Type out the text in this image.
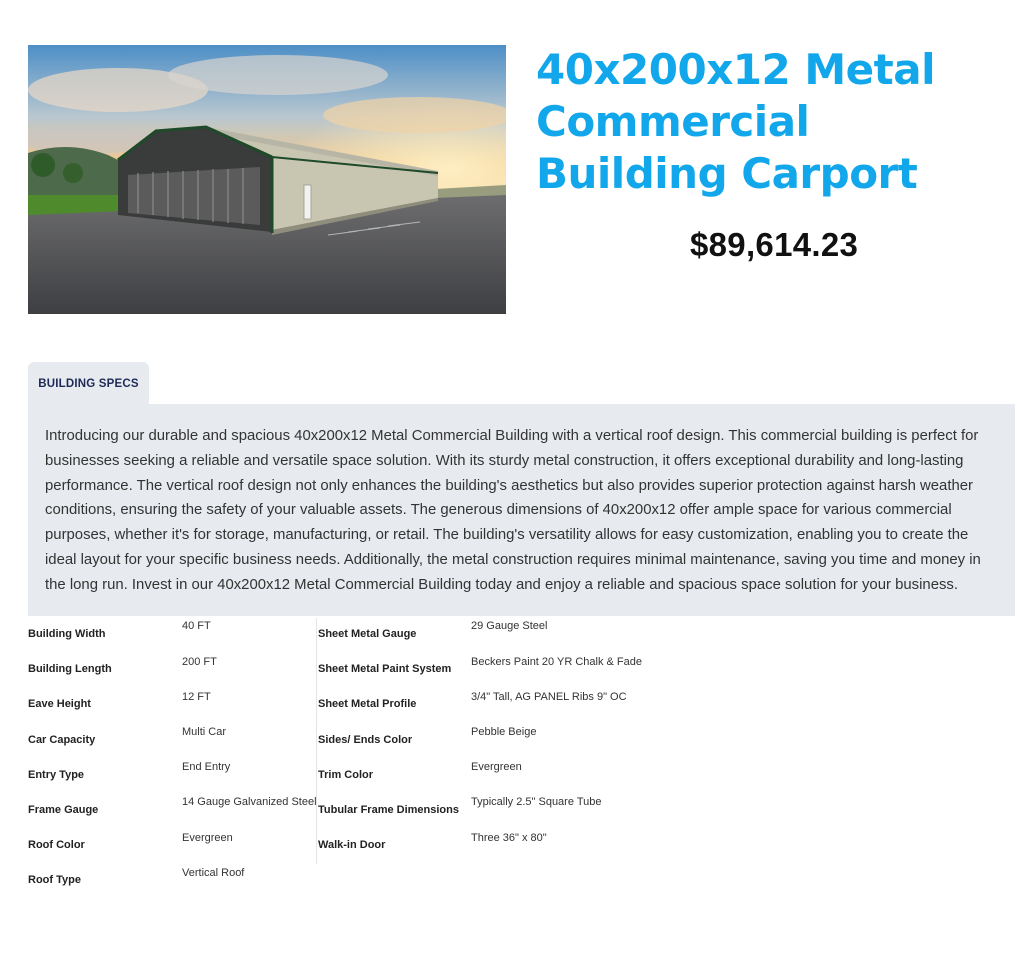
40x200x12 Metal Commercial Building Carport
$89,614.23
BUILDING SPECS

Introducing our durable and spacious 40x200x12 Metal Commercial Building with a vertical roof design. This commercial building is perfect for businesses seeking a reliable and versatile space solution. With its sturdy metal construction, it offers exceptional durability and long-lasting performance. The vertical roof design not only enhances the building's aesthetics but also provides superior protection against harsh weather conditions, ensuring the safety of your valuable assets. The generous dimensions of 40x200x12 offer ample space for various commercial purposes, whether it's for storage, manufacturing, or retail. The building's versatility allows for easy customization, enabling you to create the ideal layout for your specific business needs. Additionally, the metal construction requires minimal maintenance, saving you time and money in the long run. Invest in our 40x200x12 Metal Commercial Building today and enjoy a reliable and spacious space solution for your business.

Building Width
40 FT
Building Length
200 FT
Eave Height
12 FT
Car Capacity
Multi Car
Entry Type
End Entry
Frame Gauge
14 Gauge Galvanized Steel
Roof Color
Evergreen
Roof Type
Vertical Roof
Sheet Metal Gauge
29 Gauge Steel
Sheet Metal Paint System
Beckers Paint 20 YR Chalk & Fade
Sheet Metal Profile
3/4" Tall, AG PANEL Ribs 9" OC
Sides/ Ends Color
Pebble Beige
Trim Color
Evergreen
Tubular Frame Dimensions
Typically 2.5" Square Tube
Walk-in Door
Three 36" x 80"
